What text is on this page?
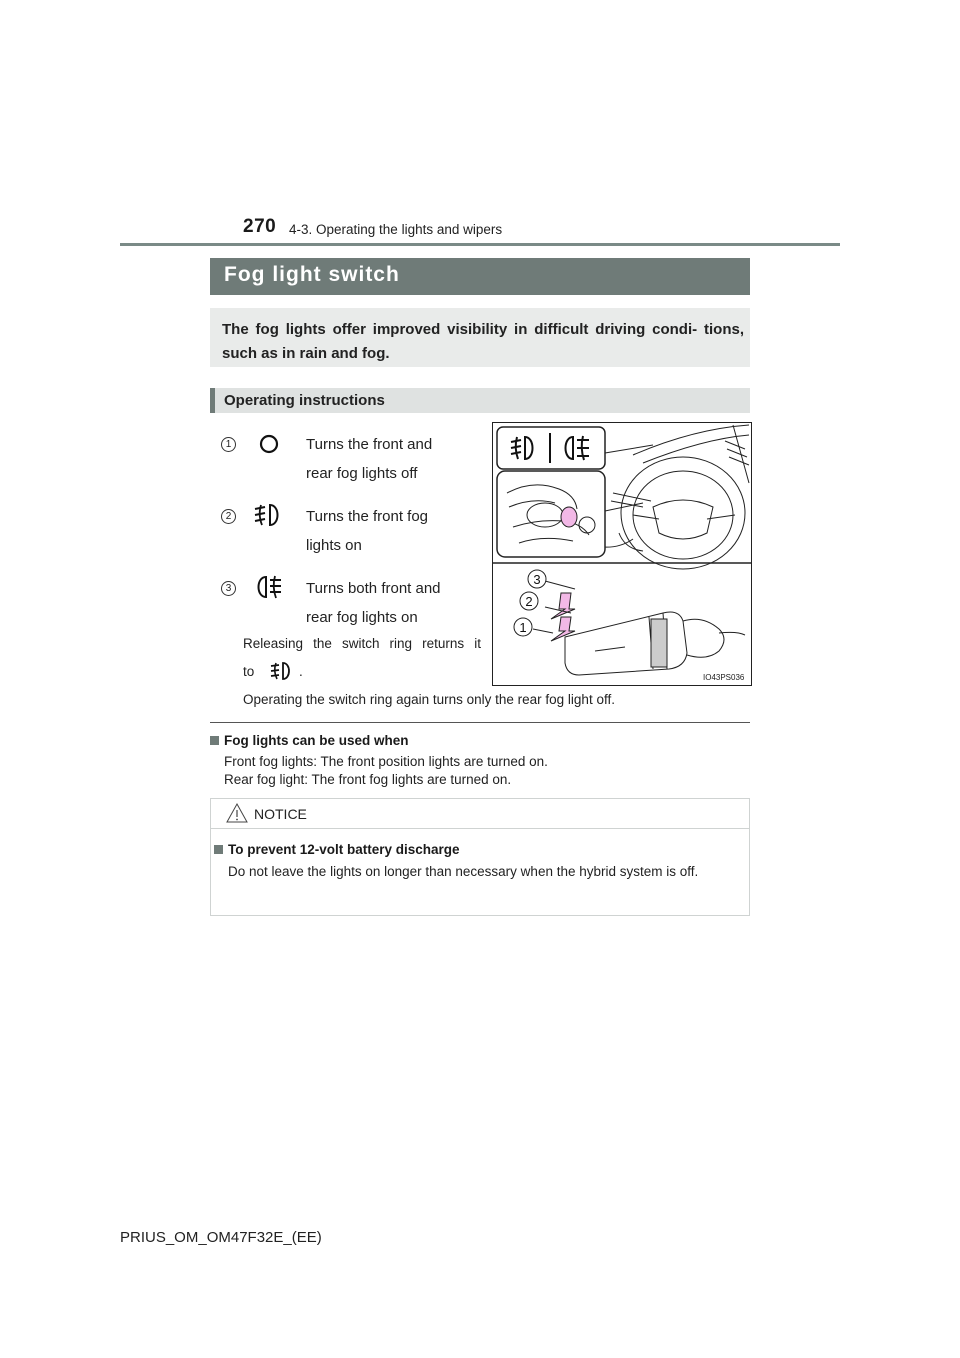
270 4-3. Operating the lights and wipers
Fog light switch
The fog lights offer improved visibility in difficult driving condi- tions, such as in rain and fog.
Operating instructions
1	Turns the front and
rear fog lights off
2	Turns the front fog
lights on
3	Turns both front and
rear fog lights on
Releasing the switch ring returns it
to	.
Operating the switch ring again turns only the rear fog light off.
3
2
1
IO43PS036
Fog lights can be used when
Front fog lights: The front position lights are turned on.
Rear fog light: The front fog lights are turned on.
NOTICE
To prevent 12-volt battery discharge
Do not leave the lights on longer than necessary when the hybrid system is off.
PRIUS_OM_OM47F32E_(EE)
